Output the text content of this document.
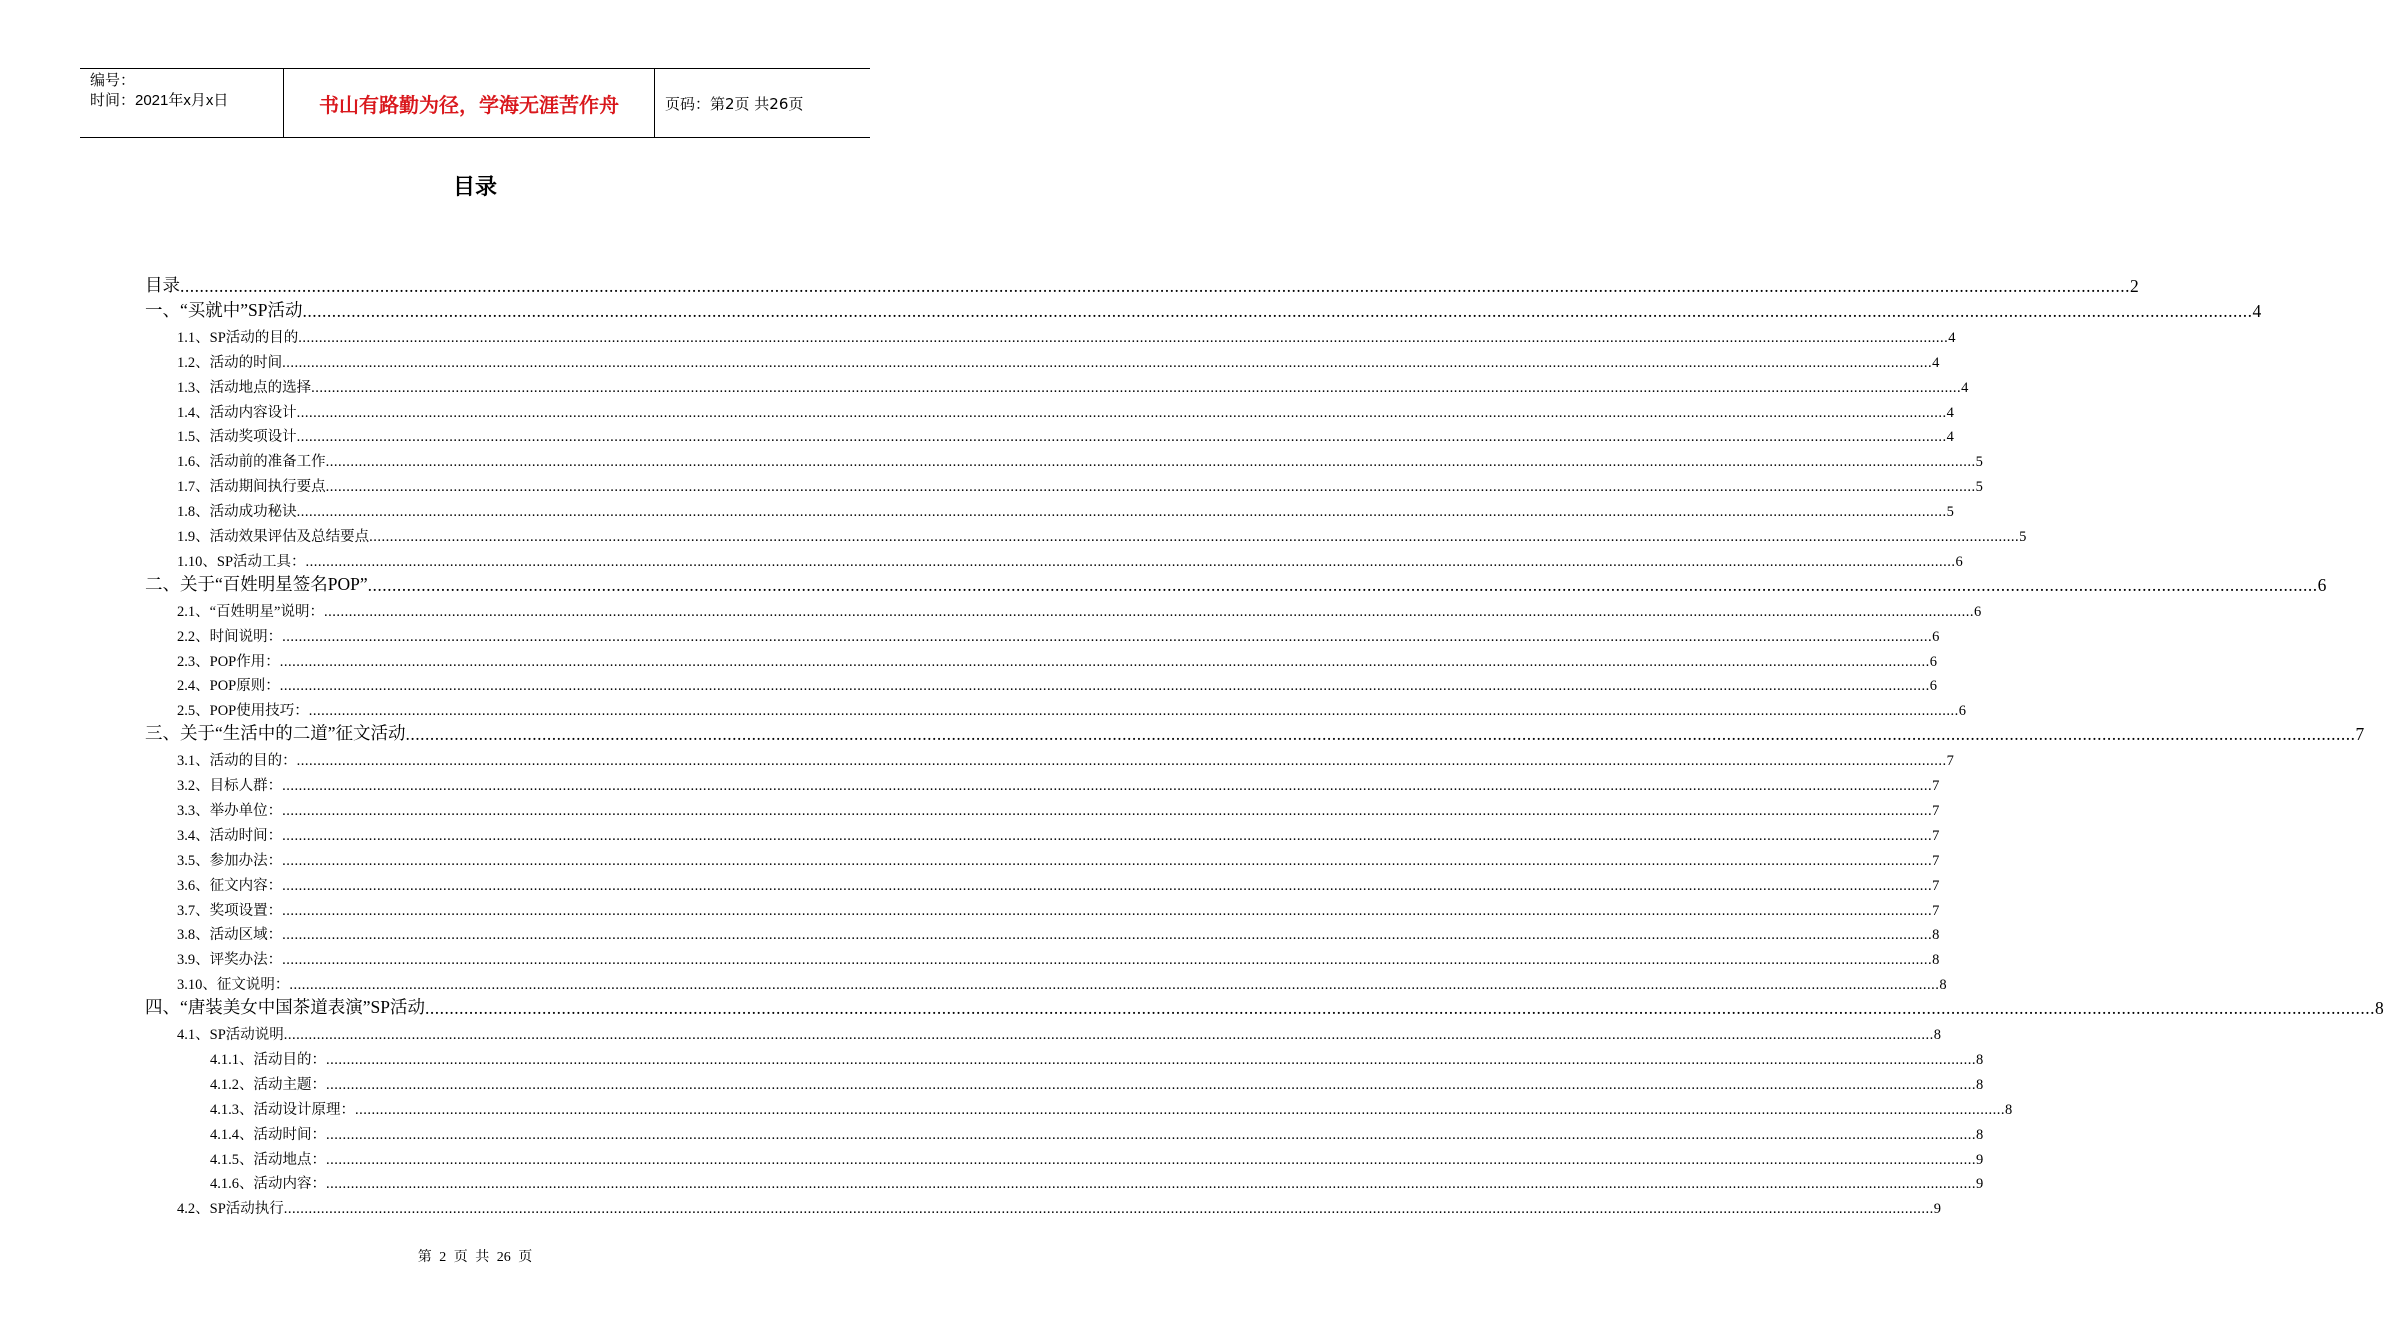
编号：
时间：2021年x月x日	书山有路勤为径，学海无涯苦作舟	页码：第2页 共26页
目录
目录 ................................................................................................................................................................................................................................................................................................................................................................................................................ 2
一、“买就中”SP活动 ................................................................................................................................................................................................................................................................................................................................................................................................................ 4
1.1、SP活动的目的 ................................................................................................................................................................................................................................................................................................................................................................................................................ 4
1.2、活动的时间 ................................................................................................................................................................................................................................................................................................................................................................................................................ 4
1.3、活动地点的选择 ................................................................................................................................................................................................................................................................................................................................................................................................................ 4
1.4、活动内容设计 ................................................................................................................................................................................................................................................................................................................................................................................................................ 4
1.5、活动奖项设计 ................................................................................................................................................................................................................................................................................................................................................................................................................ 4
1.6、活动前的准备工作 ................................................................................................................................................................................................................................................................................................................................................................................................................ 5
1.7、活动期间执行要点 ................................................................................................................................................................................................................................................................................................................................................................................................................ 5
1.8、活动成功秘诀 ................................................................................................................................................................................................................................................................................................................................................................................................................ 5
1.9、活动效果评估及总结要点 ................................................................................................................................................................................................................................................................................................................................................................................................................ 5
1.10、SP活动工具： ................................................................................................................................................................................................................................................................................................................................................................................................................ 6
二、关于“百姓明星签名POP” ................................................................................................................................................................................................................................................................................................................................................................................................................ 6
2.1、“百姓明星”说明： ................................................................................................................................................................................................................................................................................................................................................................................................................ 6
2.2、时间说明： ................................................................................................................................................................................................................................................................................................................................................................................................................ 6
2.3、POP作用： ................................................................................................................................................................................................................................................................................................................................................................................................................ 6
2.4、POP原则： ................................................................................................................................................................................................................................................................................................................................................................................................................ 6
2.5、POP使用技巧： ................................................................................................................................................................................................................................................................................................................................................................................................................ 6
三、关于“生活中的二道”征文活动 ................................................................................................................................................................................................................................................................................................................................................................................................................ 7
3.1、活动的目的： ................................................................................................................................................................................................................................................................................................................................................................................................................ 7
3.2、目标人群： ................................................................................................................................................................................................................................................................................................................................................................................................................ 7
3.3、举办单位： ................................................................................................................................................................................................................................................................................................................................................................................................................ 7
3.4、活动时间： ................................................................................................................................................................................................................................................................................................................................................................................................................ 7
3.5、参加办法： ................................................................................................................................................................................................................................................................................................................................................................................................................ 7
3.6、征文内容： ................................................................................................................................................................................................................................................................................................................................................................................................................ 7
3.7、奖项设置： ................................................................................................................................................................................................................................................................................................................................................................................................................ 7
3.8、活动区域： ................................................................................................................................................................................................................................................................................................................................................................................................................ 8
3.9、评奖办法： ................................................................................................................................................................................................................................................................................................................................................................................................................ 8
3.10、征文说明： ................................................................................................................................................................................................................................................................................................................................................................................................................ 8
四、“唐装美女中国茶道表演”SP活动 ................................................................................................................................................................................................................................................................................................................................................................................................................ 8
4.1、SP活动说明 ................................................................................................................................................................................................................................................................................................................................................................................................................ 8
4.1.1、活动目的： ................................................................................................................................................................................................................................................................................................................................................................................................................ 8
4.1.2、活动主题： ................................................................................................................................................................................................................................................................................................................................................................................................................ 8
4.1.3、活动设计原理： ................................................................................................................................................................................................................................................................................................................................................................................................................ 8
4.1.4、活动时间： ................................................................................................................................................................................................................................................................................................................................................................................................................ 8
4.1.5、活动地点： ................................................................................................................................................................................................................................................................................................................................................................................................................ 9
4.1.6、活动内容： ................................................................................................................................................................................................................................................................................................................................................................................................................ 9
4.2、SP活动执行 ................................................................................................................................................................................................................................................................................................................................................................................................................ 9
第 2 页 共 26 页
